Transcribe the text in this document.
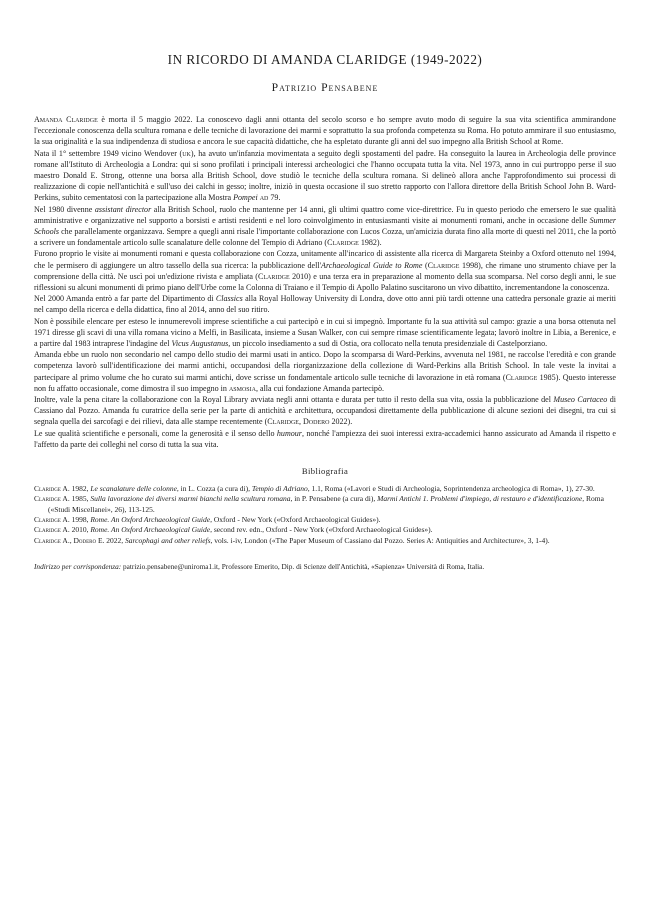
IN RICORDO DI AMANDA CLARIDGE (1949-2022)
Patrizio Pensabene

Amanda Claridge è morta il 5 maggio 2022. La conoscevo dagli anni ottanta del secolo scorso e ho sempre avuto modo di seguire la sua vita scientifica ammirandone l'eccezionale conoscenza della scultura romana e delle tecniche di lavorazione dei marmi e soprattutto la sua profonda competenza su Roma. Ho potuto ammirare il suo entusiasmo, la sua originalità e la sua indipendenza di studiosa e ancora le sue capacità didattiche, che ha espletato durante gli anni del suo impegno alla British School at Rome.

Nata il 1° settembre 1949 vicino Wendover (uk), ha avuto un'infanzia movimentata a seguito degli spostamenti del padre. Ha conseguito la laurea in Archeologia delle province romane all'Istituto di Archeologia a Londra: qui si sono profilati i principali interessi archeologici che l'hanno occupata tutta la vita. Nel 1973, anno in cui purtroppo perse il suo maestro Donald E. Strong, ottenne una borsa alla British School, dove studiò le tecniche della scultura romana. Si delineò allora anche l'approfondimento sui processi di realizzazione di copie nell'antichità e sull'uso dei calchi in gesso; inoltre, iniziò in questa occasione il suo stretto rapporto con l'allora direttore della British School John B. Ward-Perkins, subito cementatosi con la partecipazione alla Mostra Pompei ad 79.

Nel 1980 divenne assistant director alla British School, ruolo che mantenne per 14 anni, gli ultimi quattro come vice-direttrice. Fu in questo periodo che emersero le sue qualità amministrative e organizzative nel supporto a borsisti e artisti residenti e nel loro coinvolgimento in entusiasmanti visite ai monumenti romani, anche in occasione delle Summer Schools che parallelamente organizzava. Sempre a quegli anni risale l'importante collaborazione con Lucos Cozza, un'amicizia durata fino alla morte di questi nel 2011, che la portò a scrivere un fondamentale articolo sulle scanalature delle colonne del Tempio di Adriano (Claridge 1982).

Furono proprio le visite ai monumenti romani e questa collaborazione con Cozza, unitamente all'incarico di assistente alla ricerca di Margareta Steinby a Oxford ottenuto nel 1994, che le permisero di aggiungere un altro tassello della sua ricerca: la pubblicazione dell'Archaeological Guide to Rome (Claridge 1998), che rimane uno strumento chiave per la comprensione della città. Ne uscì poi un'edizione rivista e ampliata (Claridge 2010) e una terza era in preparazione al momento della sua scomparsa. Nel corso degli anni, le sue riflessioni su alcuni monumenti di primo piano dell'Urbe come la Colonna di Traiano e il Tempio di Apollo Palatino suscitarono un vivo dibattito, incrementandone la conoscenza.

Nel 2000 Amanda entrò a far parte del Dipartimento di Classics alla Royal Holloway University di Londra, dove otto anni più tardi ottenne una cattedra personale grazie ai meriti nel campo della ricerca e della didattica, fino al 2014, anno del suo ritiro.

Non è possibile elencare per esteso le innumerevoli imprese scientifiche a cui partecipò e in cui si impegnò. Importante fu la sua attività sul campo: grazie a una borsa ottenuta nel 1971 diresse gli scavi di una villa romana vicino a Melfi, in Basilicata, insieme a Susan Walker, con cui sempre rimase scientificamente legata; lavorò inoltre in Libia, a Berenice, e a partire dal 1983 intraprese l'indagine del Vicus Augustanus, un piccolo insediamento a sud di Ostia, ora collocato nella tenuta presidenziale di Castelporziano.

Amanda ebbe un ruolo non secondario nel campo dello studio dei marmi usati in antico. Dopo la scomparsa di Ward-Perkins, avvenuta nel 1981, ne raccolse l'eredità e con grande competenza lavorò sull'identificazione dei marmi antichi, occupandosi della riorganizzazione della collezione di Ward-Perkins alla British School. In tale veste la invitai a partecipare al primo volume che ho curato sui marmi antichi, dove scrisse un fondamentale articolo sulle tecniche di lavorazione in età romana (Claridge 1985). Questo interesse non fu affatto occasionale, come dimostra il suo impegno in asmosia, alla cui fondazione Amanda partecipò.

Inoltre, vale la pena citare la collaborazione con la Royal Library avviata negli anni ottanta e durata per tutto il resto della sua vita, ossia la pubblicazione del Museo Cartaceo di Cassiano dal Pozzo. Amanda fu curatrice della serie per la parte di antichità e architettura, occupandosi direttamente della pubblicazione di alcune sezioni dei disegni, tra cui si segnala quella dei sarcofagi e dei rilievi, data alle stampe recentemente (Claridge, Dodero 2022).

Le sue qualità scientifiche e personali, come la generosità e il senso dello humour, nonché l'ampiezza dei suoi interessi extra-accademici hanno assicurato ad Amanda il rispetto e l'affetto da parte dei colleghi nel corso di tutta la sua vita.

Bibliografia

Claridge A. 1982, Le scanalature delle colonne, in L. Cozza (a cura di), Tempio di Adriano, 1.1, Roma («Lavori e Studi di Archeologia, Soprintendenza archeologica di Roma», 1), 27-30.

Claridge A. 1985, Sulla lavorazione dei diversi marmi bianchi nella scultura romana, in P. Pensabene (a cura di), Marmi Antichi 1. Problemi d'impiego, di restauro e d'identificazione, Roma («Studi Miscellanei», 26), 113-125.

Claridge A. 1998, Rome. An Oxford Archaeological Guide, Oxford - New York («Oxford Archaeological Guides»).

Claridge A. 2010, Rome. An Oxford Archaeological Guide, second rev. edn., Oxford - New York («Oxford Archaeological Guides»).

Claridge A., Dodero E. 2022, Sarcophagi and other reliefs, vols. i-iv, London («The Paper Museum of Cassiano dal Pozzo. Series A: Antiquities and Architecture», 3, 1-4).

Indirizzo per corrispondenza: patrizio.pensabene@uniroma1.it, Professore Emerito, Dip. di Scienze dell'Antichità, «Sapienza» Università di Roma, Italia.
